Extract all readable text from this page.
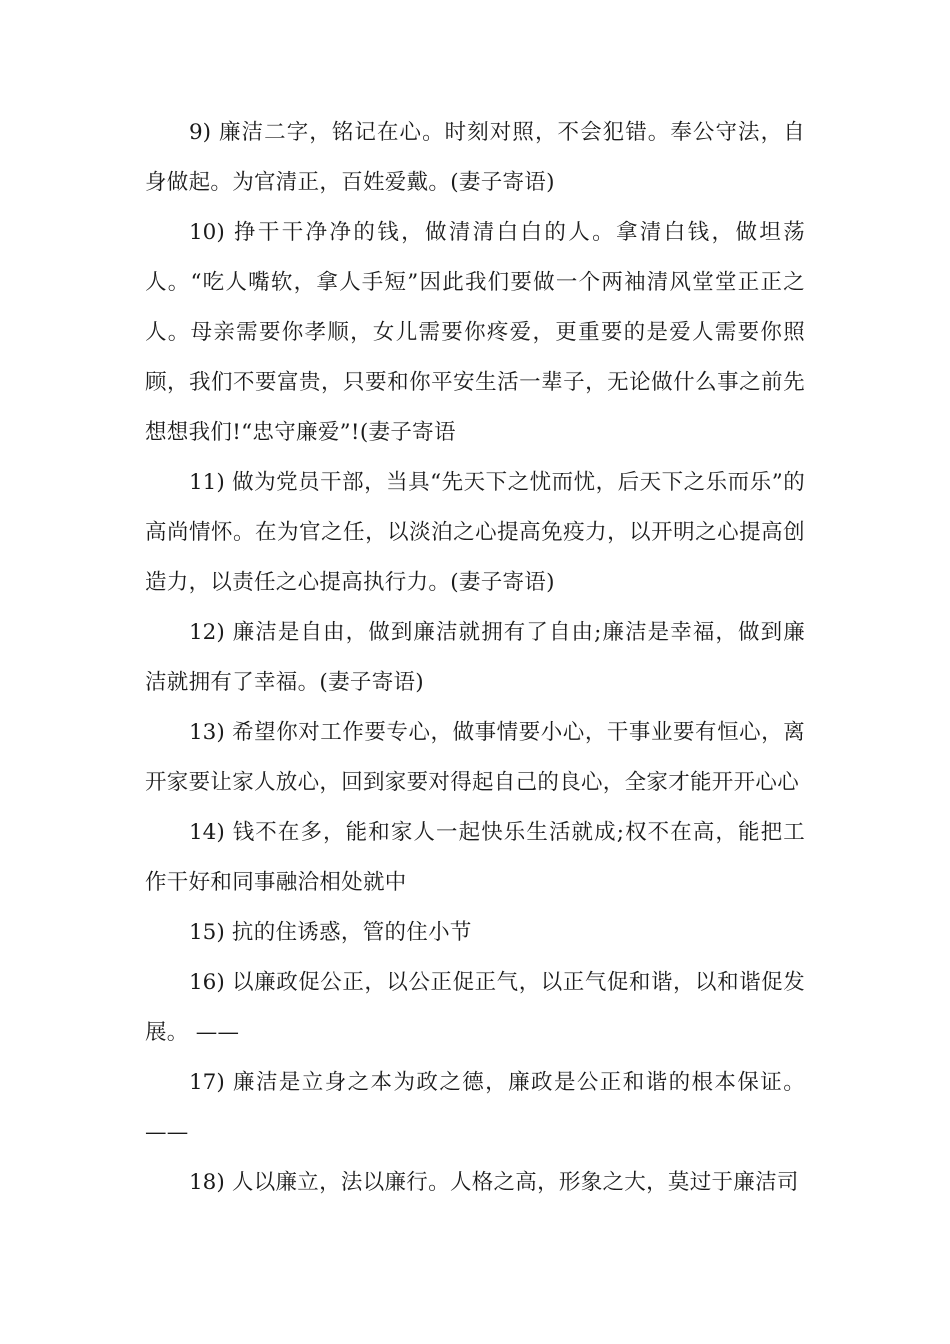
9) 廉洁二字，铭记在心。时刻对照，不会犯错。奉公守法，自身做起。为官清正，百姓爱戴。(妻子寄语)

10) 挣干干净净的钱，做清清白白的人。拿清白钱，做坦荡人。“吃人嘴软，拿人手短”因此我们要做一个两袖清风堂堂正正之人。母亲需要你孝顺，女儿需要你疼爱，更重要的是爱人需要你照顾，我们不要富贵，只要和你平安生活一辈子，无论做什么事之前先想想我们!“忠守廉爱”!(妻子寄语

11) 做为党员干部，当具“先天下之忧而忧，后天下之乐而乐”的高尚情怀。在为官之任，以淡泊之心提高免疫力，以开明之心提高创造力，以责任之心提高执行力。(妻子寄语)

12) 廉洁是自由，做到廉洁就拥有了自由;廉洁是幸福，做到廉洁就拥有了幸福。(妻子寄语)

13) 希望你对工作要专心，做事情要小心，干事业要有恒心，离开家要让家人放心，回到家要对得起自己的良心，全家才能开开心心

14) 钱不在多，能和家人一起快乐生活就成;权不在高，能把工作干好和同事融洽相处就中

15) 抗的住诱惑，管的住小节

16) 以廉政促公正，以公正促正气，以正气促和谐，以和谐促发展。 ——

17) 廉洁是立身之本为政之德，廉政是公正和谐的根本保证。 ——

18) 人以廉立，法以廉行。人格之高，形象之大，莫过于廉洁司
